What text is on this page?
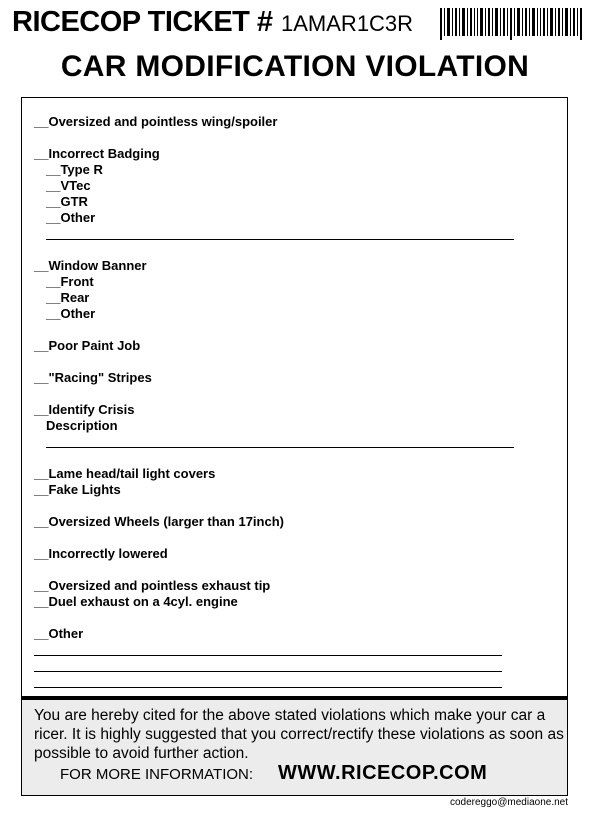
RICECOP TICKET # 1AMAR1C3R
CAR MODIFICATION VIOLATION
__Oversized and pointless wing/spoiler
__Incorrect Badging
__Type R
__VTec
__GTR
__Other
__Window Banner
__Front
__Rear
__Other
__Poor Paint Job
__"Racing" Stripes
__Identify Crisis
Description
__Lame head/tail light covers
__Fake Lights
__Oversized Wheels (larger than 17inch)
__Incorrectly lowered
__Oversized and pointless exhaust tip
__Duel exhaust on a 4cyl. engine
__Other
You are hereby cited for the above stated violations which make your car a ricer. It is highly suggested that you correct/rectify these violations as soon as possible to avoid further action.
FOR MORE INFORMATION: WWW.RICECOP.COM
codereggo@mediaone.net
